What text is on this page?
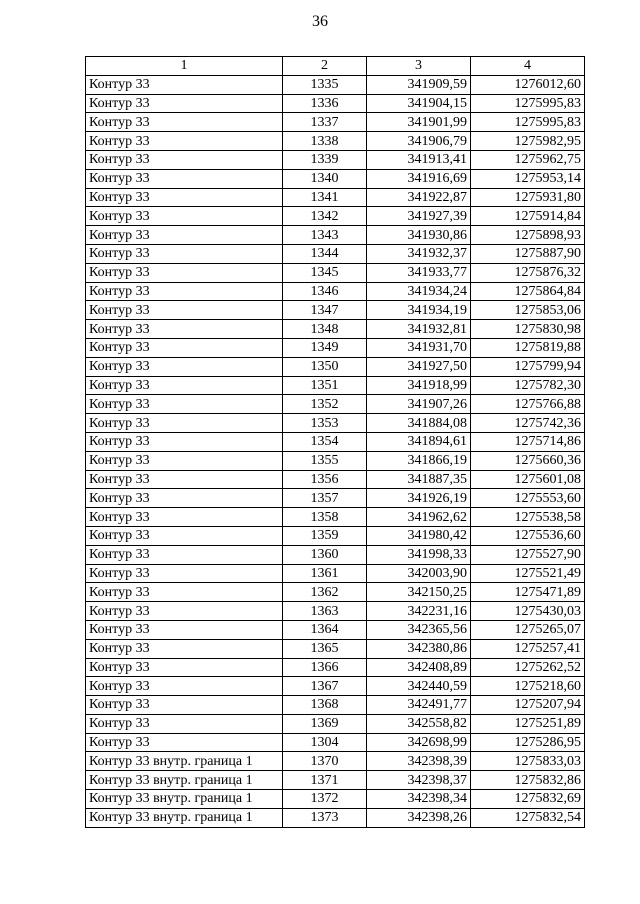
36
1	2	3	4
Контур 33	1335	341909,59	1276012,60
Контур 33	1336	341904,15	1275995,83
Контур 33	1337	341901,99	1275995,83
Контур 33	1338	341906,79	1275982,95
Контур 33	1339	341913,41	1275962,75
Контур 33	1340	341916,69	1275953,14
Контур 33	1341	341922,87	1275931,80
Контур 33	1342	341927,39	1275914,84
Контур 33	1343	341930,86	1275898,93
Контур 33	1344	341932,37	1275887,90
Контур 33	1345	341933,77	1275876,32
Контур 33	1346	341934,24	1275864,84
Контур 33	1347	341934,19	1275853,06
Контур 33	1348	341932,81	1275830,98
Контур 33	1349	341931,70	1275819,88
Контур 33	1350	341927,50	1275799,94
Контур 33	1351	341918,99	1275782,30
Контур 33	1352	341907,26	1275766,88
Контур 33	1353	341884,08	1275742,36
Контур 33	1354	341894,61	1275714,86
Контур 33	1355	341866,19	1275660,36
Контур 33	1356	341887,35	1275601,08
Контур 33	1357	341926,19	1275553,60
Контур 33	1358	341962,62	1275538,58
Контур 33	1359	341980,42	1275536,60
Контур 33	1360	341998,33	1275527,90
Контур 33	1361	342003,90	1275521,49
Контур 33	1362	342150,25	1275471,89
Контур 33	1363	342231,16	1275430,03
Контур 33	1364	342365,56	1275265,07
Контур 33	1365	342380,86	1275257,41
Контур 33	1366	342408,89	1275262,52
Контур 33	1367	342440,59	1275218,60
Контур 33	1368	342491,77	1275207,94
Контур 33	1369	342558,82	1275251,89
Контур 33	1304	342698,99	1275286,95
Контур 33 внутр. граница 1	1370	342398,39	1275833,03
Контур 33 внутр. граница 1	1371	342398,37	1275832,86
Контур 33 внутр. граница 1	1372	342398,34	1275832,69
Контур 33 внутр. граница 1	1373	342398,26	1275832,54
